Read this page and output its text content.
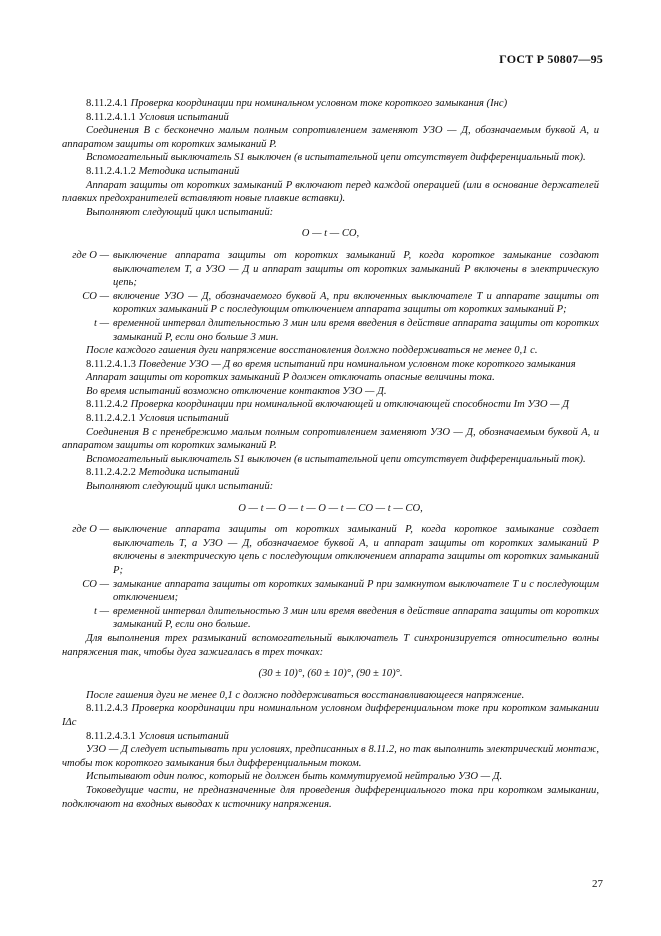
ГОСТ Р 50807—95

8.11.2.4.1 Проверка координации при номинальном условном токе короткого замыкания (Iнс)

8.11.2.4.1.1 Условия испытаний

Соединения B с бесконечно малым полным сопротивлением заменяют УЗО — Д, обозначаемым буквой A, и аппаратом защиты от коротких замыканий P.

Вспомогательный выключатель S1 выключен (в испытательной цепи отсутствует дифференциальный ток).

8.11.2.4.1.2 Методика испытаний

Аппарат защиты от коротких замыканий P включают перед каждой операцией (или в основание держателей плавких предохранителей вставляют новые плавкие вставки).

Выполняют следующий цикл испытаний:

O — t — CO,
где O — выключение аппарата защиты от коротких замыканий P, когда короткое замыкание создают выключателем T, а УЗО — Д и аппарат защиты от коротких замыканий P включены в электрическую цепь;
CO — включение УЗО — Д, обозначаемого буквой A, при включенных выключателе T и аппарате защиты от коротких замыканий P с последующим отключением аппарата защиты от коротких замыканий P;
t — временной интервал длительностью 3 мин или время введения в действие аппарата защиты от коротких замыканий P, если оно больше 3 мин.

После каждого гашения дуги напряжение восстановления должно поддерживаться не менее 0,1 с.

8.11.2.4.1.3 Поведение УЗО — Д во время испытаний при номинальном условном токе короткого замыкания

Аппарат защиты от коротких замыканий P должен отключать опасные величины тока.

Во время испытаний возможно отключение контактов УЗО — Д.

8.11.2.4.2 Проверка координации при номинальной включающей и отключающей способности Im УЗО — Д

8.11.2.4.2.1 Условия испытаний

Соединения B с пренебрежимо малым полным сопротивлением заменяют УЗО — Д, обозначаемым буквой A, и аппаратом защиты от коротких замыканий P.

Вспомогательный выключатель S1 выключен (в испытательной цепи отсутствует дифференциальный ток).

8.11.2.4.2.2 Методика испытаний

Выполняют следующий цикл испытаний:

O — t — O — t — O — t — CO — t — CO,
где O — выключение аппарата защиты от коротких замыканий P, когда короткое замыкание создает выключатель T, а УЗО — Д, обозначаемое буквой A, и аппарат защиты от коротких замыканий P включены в электрическую цепь с последующим отключением аппарата защиты от коротких замыканий P;
CO — замыкание аппарата защиты от коротких замыканий P при замкнутом выключателе T и с последующим отключением;
t — временной интервал длительностью 3 мин или время введения в действие аппарата защиты от коротких замыканий P, если оно больше.

Для выполнения трех размыканий вспомогательный выключатель T синхронизируется относительно волны напряжения так, чтобы дуга зажигалась в трех точках:

(30 ± 10)°, (60 ± 10)°, (90 ± 10)°.

После гашения дуги не менее 0,1 с должно поддерживаться восстанавливающееся напряжение.

8.11.2.4.3 Проверка координации при номинальном условном дифференциальном токе при коротком замыкании IΔc

8.11.2.4.3.1 Условия испытаний

УЗО — Д следует испытывать при условиях, предписанных в 8.11.2, но так выполнить электрический монтаж, чтобы ток короткого замыкания был дифференциальным током.

Испытывают один полюс, который не должен быть коммутируемой нейтралью УЗО — Д.

Токоведущие части, не предназначенные для проведения дифференциального тока при коротком замыкании, подключают на входных выводах к источнику напряжения.

27
